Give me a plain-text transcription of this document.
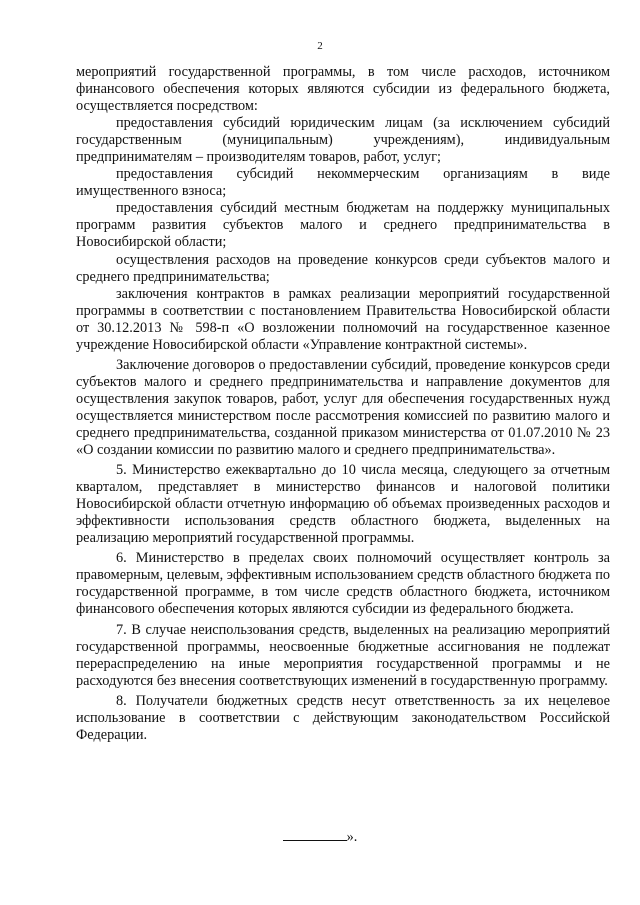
2

мероприятий государственной программы, в том числе расходов, источником финансового обеспечения которых являются субсидии из федерального бюджета, осуществляется посредством:

предоставления субсидий юридическим лицам (за исключением субсидий государственным (муниципальным) учреждениям), индивидуальным предпринимателям – производителям товаров, работ, услуг;

предоставления субсидий некоммерческим организациям в виде имущественного взноса;

предоставления субсидий местным бюджетам на поддержку муниципальных программ развития субъектов малого и среднего предпринимательства в Новосибирской области;

осуществления расходов на проведение конкурсов среди субъектов малого и среднего предпринимательства;

заключения контрактов в рамках реализации мероприятий государственной программы в соответствии с постановлением Правительства Новосибирской области от 30.12.2013 № 598-п «О возложении полномочий на государственное казенное учреждение Новосибирской области «Управление контрактной системы».

Заключение договоров о предоставлении субсидий, проведение конкурсов среди субъектов малого и среднего предпринимательства и направление документов для осуществления закупок товаров, работ, услуг для обеспечения государственных нужд осуществляется министерством после рассмотрения комиссией по развитию малого и среднего предпринимательства, созданной приказом министерства от 01.07.2010 № 23 «О создании комиссии по развитию малого и среднего предпринимательства».

5. Министерство ежеквартально до 10 числа месяца, следующего за отчетным кварталом, представляет в министерство финансов и налоговой политики Новосибирской области отчетную информацию об объемах произведенных расходов и эффективности использования средств областного бюджета, выделенных на реализацию мероприятий государственной программы.

6. Министерство в пределах своих полномочий осуществляет контроль за правомерным, целевым, эффективным использованием средств областного бюджета по государственной программе, в том числе средств областного бюджета, источником финансового обеспечения которых являются субсидии из федерального бюджета.

7. В случае неиспользования средств, выделенных на реализацию мероприятий государственной программы, неосвоенные бюджетные ассигнования не подлежат перераспределению на иные мероприятия государственной программы и не расходуются без внесения соответствующих изменений в государственную программу.

8. Получатели бюджетных средств несут ответственность за их нецелевое использование в соответствии с действующим законодательством Российской Федерации.

».
